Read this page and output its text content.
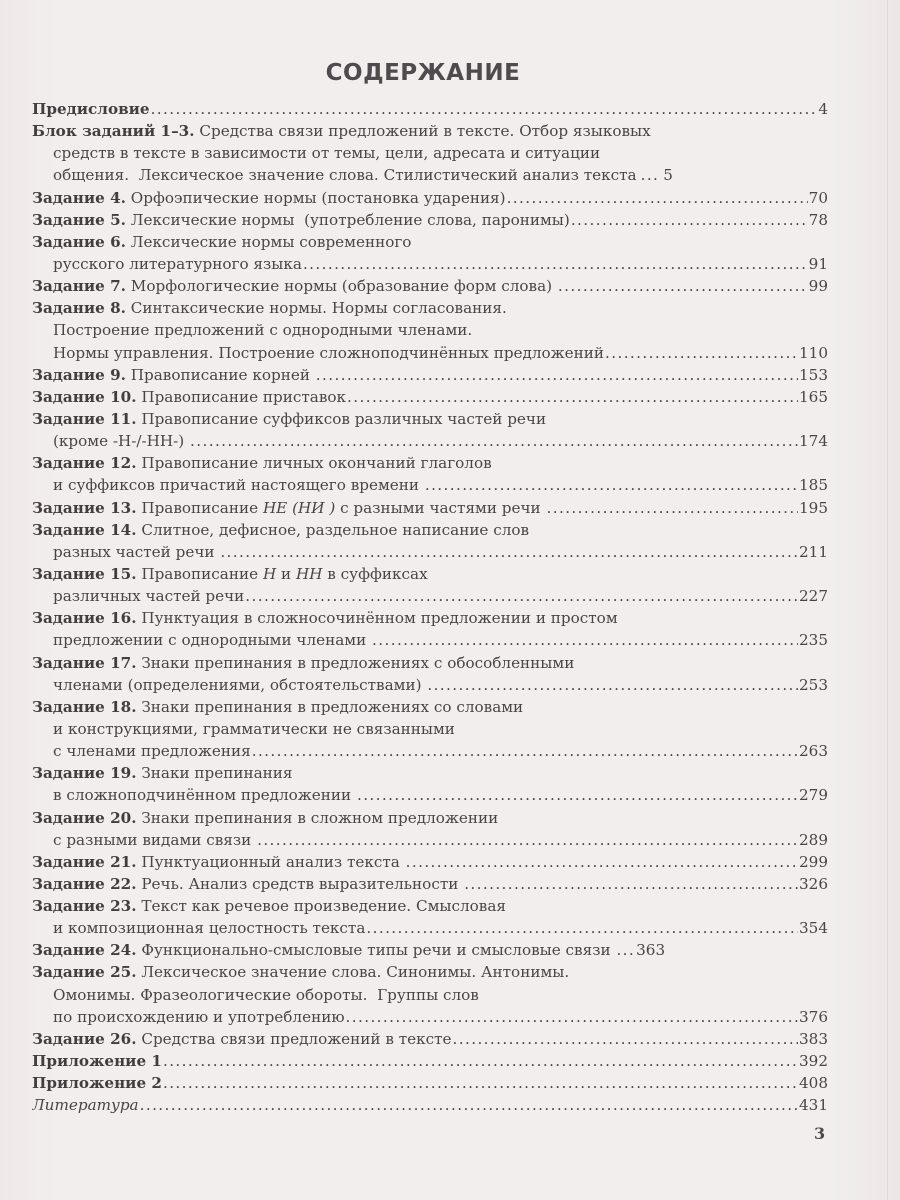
СОДЕРЖАНИЕ
Предисловие .....	4
Блок заданий 1–3. Средства связи предложений в тексте. Отбор языковых
средств в тексте в зависимости от темы, цели, адресата и ситуации
общения.  Лексическое значение слова. Стилистический анализ текста ... 5
Задание 4. Орфоэпические нормы (постановка ударения) .....	70
Задание 5. Лексические нормы  (употребление слова, паронимы) .....	78
Задание 6. Лексические нормы современного
русского литературного языка .....	91
Задание 7. Морфологические нормы (образование форм слова) .....	99
Задание 8. Синтаксические нормы. Нормы согласования.
Построение предложений с однородными членами.
Нормы управления. Построение сложноподчинённых предложений .....	110
Задание 9. Правописание корней .....	153
Задание 10. Правописание приставок .....	165
Задание 11. Правописание суффиксов различных частей речи
(кроме -Н-/-НН-) .....	174
Задание 12. Правописание личных окончаний глаголов
и суффиксов причастий настоящего времени .....	185
Задание 13. Правописание НЕ (НИ ) с разными частями речи .....	195
Задание 14. Слитное, дефисное, раздельное написание слов
разных частей речи .....	211
Задание 15. Правописание Н и НН в суффиксах
различных частей речи .....	227
Задание 16. Пунктуация в сложносочинённом предложении и простом
предложении с однородными членами .....	235
Задание 17. Знаки препинания в предложениях с обособленными
членами (определениями, обстоятельствами) .....	253
Задание 18. Знаки препинания в предложениях со словами
и конструкциями, грамматически не связанными
с членами предложения .....	263
Задание 19. Знаки препинания
в сложноподчинённом предложении .....	279
Задание 20. Знаки препинания в сложном предложении
с разными видами связи .....	289
Задание 21. Пунктуационный анализ текста .....	299
Задание 22. Речь. Анализ средств выразительности .....	326
Задание 23. Текст как речевое произведение. Смысловая
и композиционная целостность текста .....	354
Задание 24. Функционально-смысловые типы речи и смысловые связи ... 363
Задание 25. Лексическое значение слова. Синонимы. Антонимы.
Омонимы. Фразеологические обороты.  Группы слов
по происхождению и употреблению .....	376
Задание 26. Средства связи предложений в тексте .....	383
Приложение 1 .....	392
Приложение 2 .....	408
Литература .....	431
3
